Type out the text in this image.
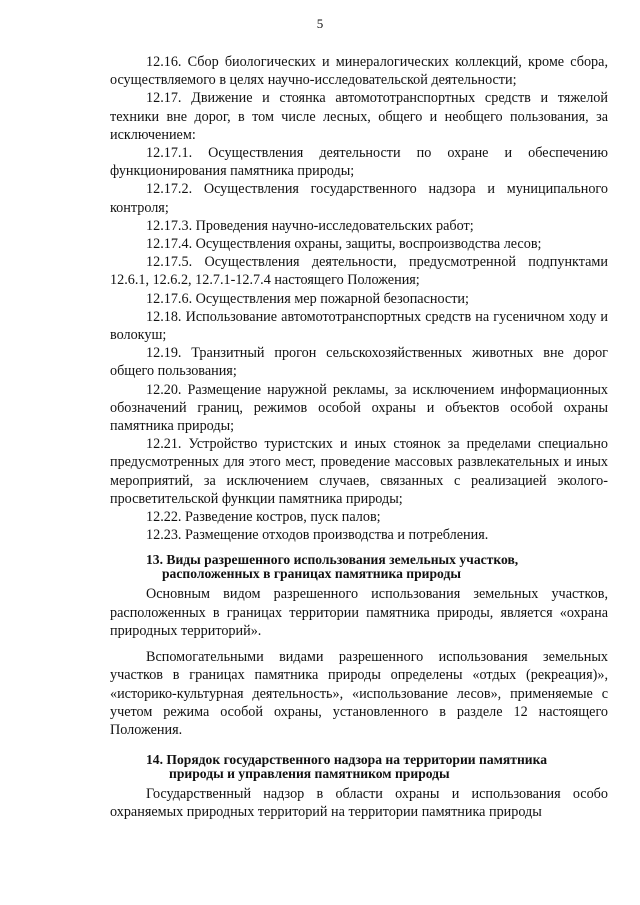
5

12.16. Сбор биологических и минералогических коллекций, кроме сбора, осуществляемого в целях научно-исследовательской деятельности;

12.17. Движение и стоянка автомототранспортных средств и тяжелой техники вне дорог, в том числе лесных, общего и необщего пользования, за исключением:

12.17.1. Осуществления деятельности по охране и обеспечению функционирования памятника природы;

12.17.2. Осуществления государственного надзора и муниципального контроля;

12.17.3. Проведения научно-исследовательских работ;

12.17.4. Осуществления охраны, защиты, воспроизводства лесов;

12.17.5. Осуществления деятельности, предусмотренной подпунктами 12.6.1, 12.6.2, 12.7.1-12.7.4 настоящего Положения;

12.17.6. Осуществления мер пожарной безопасности;

12.18. Использование автомототранспортных средств на гусеничном ходу и волокуш;

12.19. Транзитный прогон сельскохозяйственных животных вне дорог общего пользования;

12.20. Размещение наружной рекламы, за исключением информационных обозначений границ, режимов особой охраны и объектов особой охраны памятника природы;

12.21. Устройство туристских и иных стоянок за пределами специально предусмотренных для этого мест, проведение массовых развлекательных и иных мероприятий, за исключением случаев, связанных с реализацией эколого-просветительской функции памятника природы;

12.22. Разведение костров, пуск палов;

12.23. Размещение отходов производства и потребления.

13. Виды разрешенного использования земельных участков,
расположенных в границах памятника природы

Основным видом разрешенного использования земельных участков, расположенных в границах территории памятника природы, является «охрана природных территорий».

Вспомогательными видами разрешенного использования земельных участков в границах памятника природы определены «отдых (рекреация)», «историко-культурная деятельность», «использование лесов», применяемые с учетом режима особой охраны, установленного в разделе 12 настоящего Положения.

14. Порядок государственного надзора на территории памятника
природы и управления памятником природы

Государственный надзор в области охраны и использования особо охраняемых природных территорий на территории памятника природы
